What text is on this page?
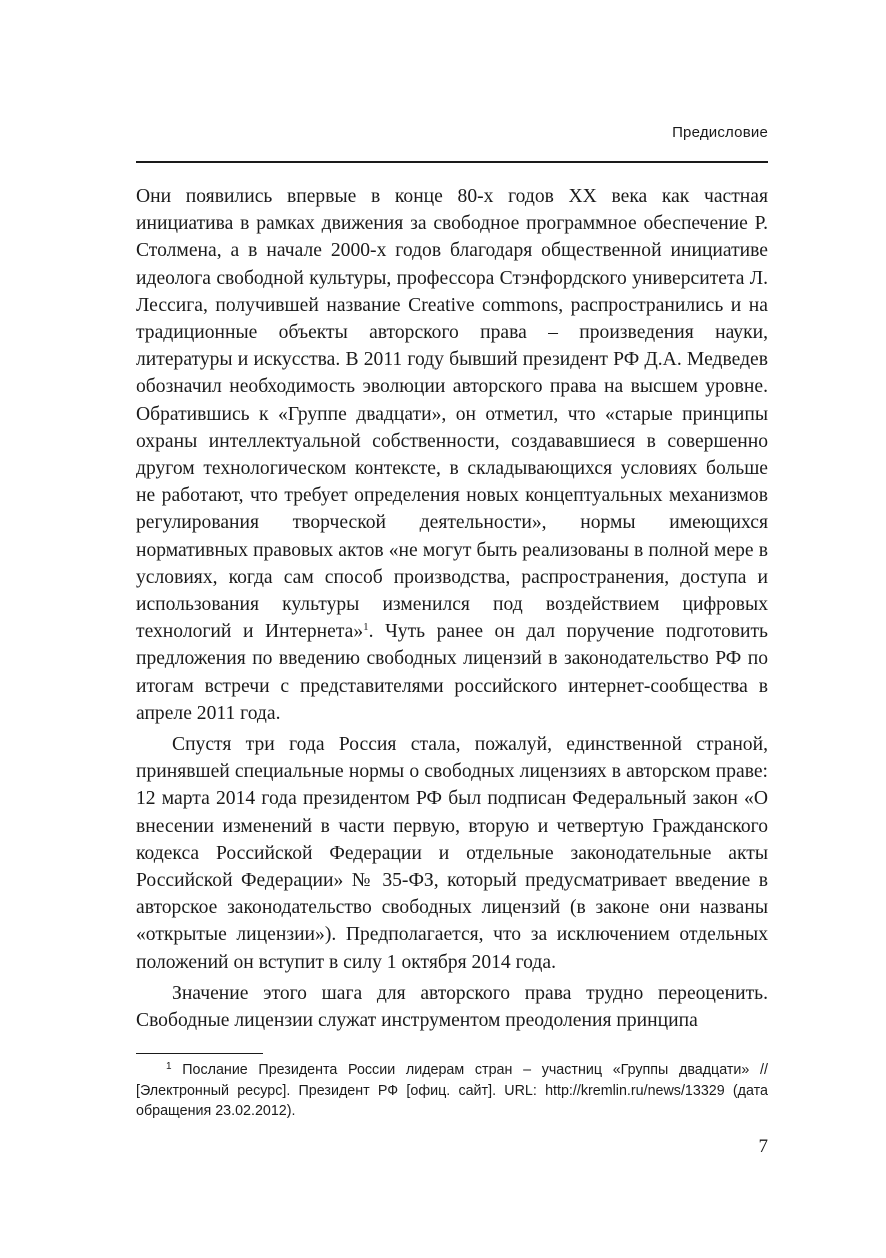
Предисловие

Они появились впервые в конце 80-х годов XX века как частная инициатива в рамках движения за свободное программное обеспечение Р. Столмена, а в начале 2000-х годов благодаря общественной инициативе идеолога свободной культуры, профессора Стэнфордского университета Л. Лессига, получившей название Creative commons, распространились и на традиционные объекты авторского права – произведения науки, литературы и искусства. В 2011 году бывший президент РФ Д.А. Медведев обозначил необходимость эволюции авторского права на высшем уровне. Обратившись к «Группе двадцати», он отметил, что «старые принципы охраны интеллектуальной собственности, создававшиеся в совершенно другом технологическом контексте, в складывающихся условиях больше не работают, что требует определения новых концептуальных механизмов регулирования творческой деятельности», нормы имеющихся нормативных правовых актов «не могут быть реализованы в полной мере в условиях, когда сам способ производства, распространения, доступа и использования культуры изменился под воздействием цифровых технологий и Интернета»$^1$. Чуть ранее он дал поручение подготовить предложения по введению свободных лицензий в законодательство РФ по итогам встречи с представителями российского интернет-сообщества в апреле 2011 года.

Спустя три года Россия стала, пожалуй, единственной страной, принявшей специальные нормы о свободных лицензиях в авторском праве: 12 марта 2014 года президентом РФ был подписан Федеральный закон «О внесении изменений в части первую, вторую и четвертую Гражданского кодекса Российской Федерации и отдельные законодательные акты Российской Федерации» № 35-ФЗ, который предусматривает введение в авторское законодательство свободных лицензий (в законе они названы «открытые лицензии»). Предполагается, что за исключением отдельных положений он вступит в силу 1 октября 2014 года.

Значение этого шага для авторского права трудно переоценить. Свободные лицензии служат инструментом преодоления принципа

$^1$ Послание Президента России лидерам стран – участниц «Группы двадцати» // [Электронный ресурс]. Президент РФ [офиц. сайт]. URL: http://kremlin.ru/news/13329 (дата обращения 23.02.2012).

7
